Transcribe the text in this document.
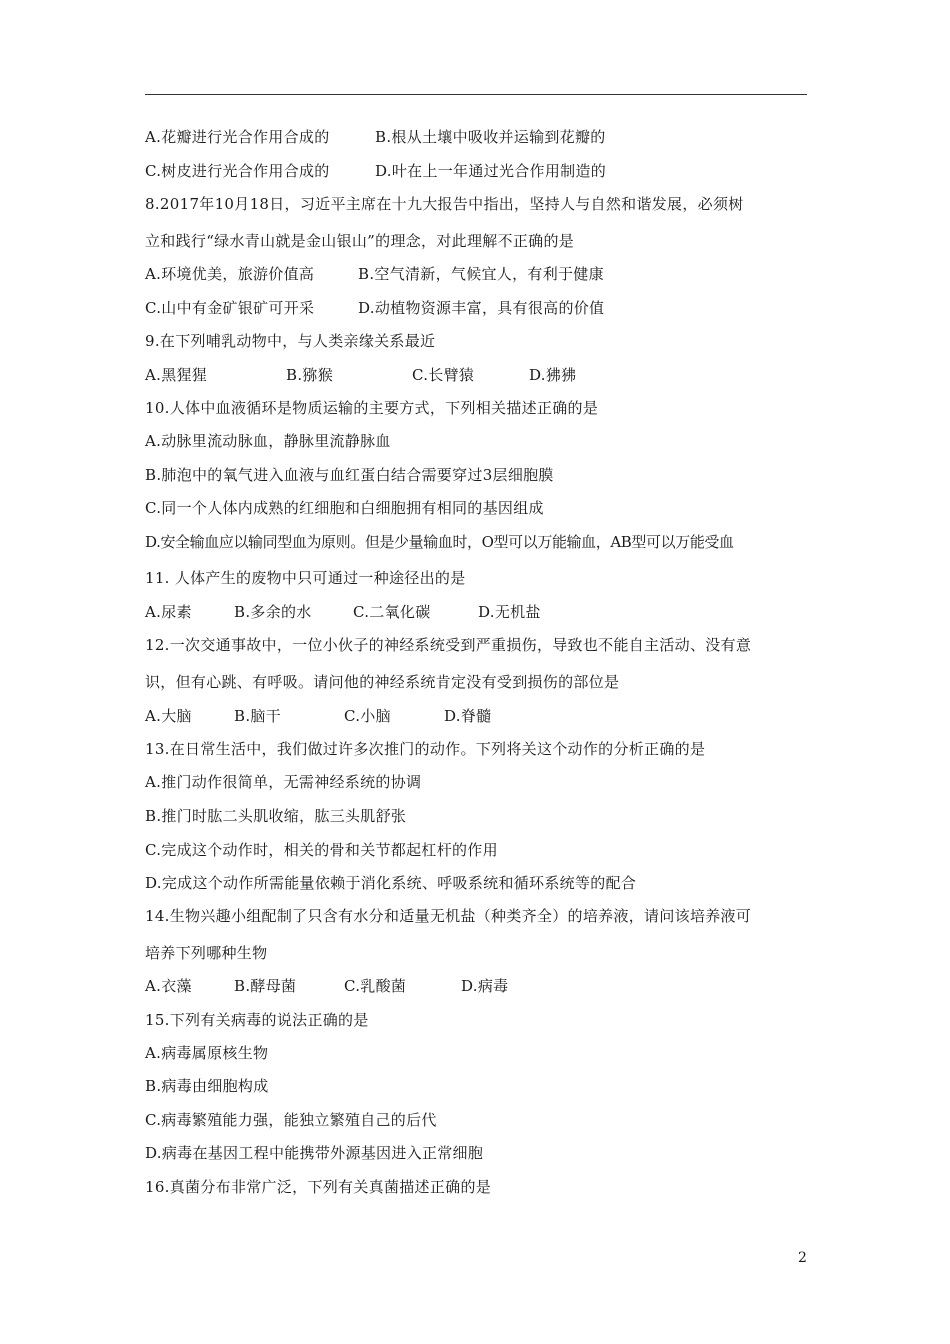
A.花瓣进行光合作用合成的	B.根从土壤中吸收并运输到花瓣的
C.树皮进行光合作用合成的	D.叶在上一年通过光合作用制造的
8.2017年10月18日，习近平主席在十九大报告中指出，坚持人与自然和谐发展，必须树
立和践行“绿水青山就是金山银山”的理念，对此理解不正确的是
A.环境优美，旅游价值高	B.空气清新，气候宜人，有利于健康
C.山中有金矿银矿可开采	D.动植物资源丰富，具有很高的价值
9.在下列哺乳动物中，与人类亲缘关系最近
A.黑猩猩	B.猕猴	C.长臂猿	D.狒狒
10.人体中血液循环是物质运输的主要方式，下列相关描述正确的是
A.动脉里流动脉血，静脉里流静脉血
B.肺泡中的氧气进入血液与血红蛋白结合需要穿过3层细胞膜
C.同一个人体内成熟的红细胞和白细胞拥有相同的基因组成
D.安全输血应以输同型血为原则。但是少量输血时，O型可以万能输血，AB型可以万能受血
11. 人体产生的废物中只可通过一种途径出的是
A.尿素	B.多余的水	C.二氧化碳	D.无机盐
12.一次交通事故中，一位小伙子的神经系统受到严重损伤，导致也不能自主活动、没有意
识，但有心跳、有呼吸。请问他的神经系统肯定没有受到损伤的部位是
A.大脑	B.脑干	C.小脑	D.脊髓
13.在日常生活中，我们做过许多次推门的动作。下列将关这个动作的分析正确的是
A.推门动作很简单，无需神经系统的协调
B.推门时肱二头肌收缩，肱三头肌舒张
C.完成这个动作时，相关的骨和关节都起杠杆的作用
D.完成这个动作所需能量依赖于消化系统、呼吸系统和循环系统等的配合
14.生物兴趣小组配制了只含有水分和适量无机盐（种类齐全）的培养液，请问该培养液可
培养下列哪种生物
A.衣藻	B.酵母菌	C.乳酸菌	D.病毒
15.下列有关病毒的说法正确的是
A.病毒属原核生物
B.病毒由细胞构成
C.病毒繁殖能力强，能独立繁殖自己的后代
D.病毒在基因工程中能携带外源基因进入正常细胞
16.真菌分布非常广泛，下列有关真菌描述正确的是
2
